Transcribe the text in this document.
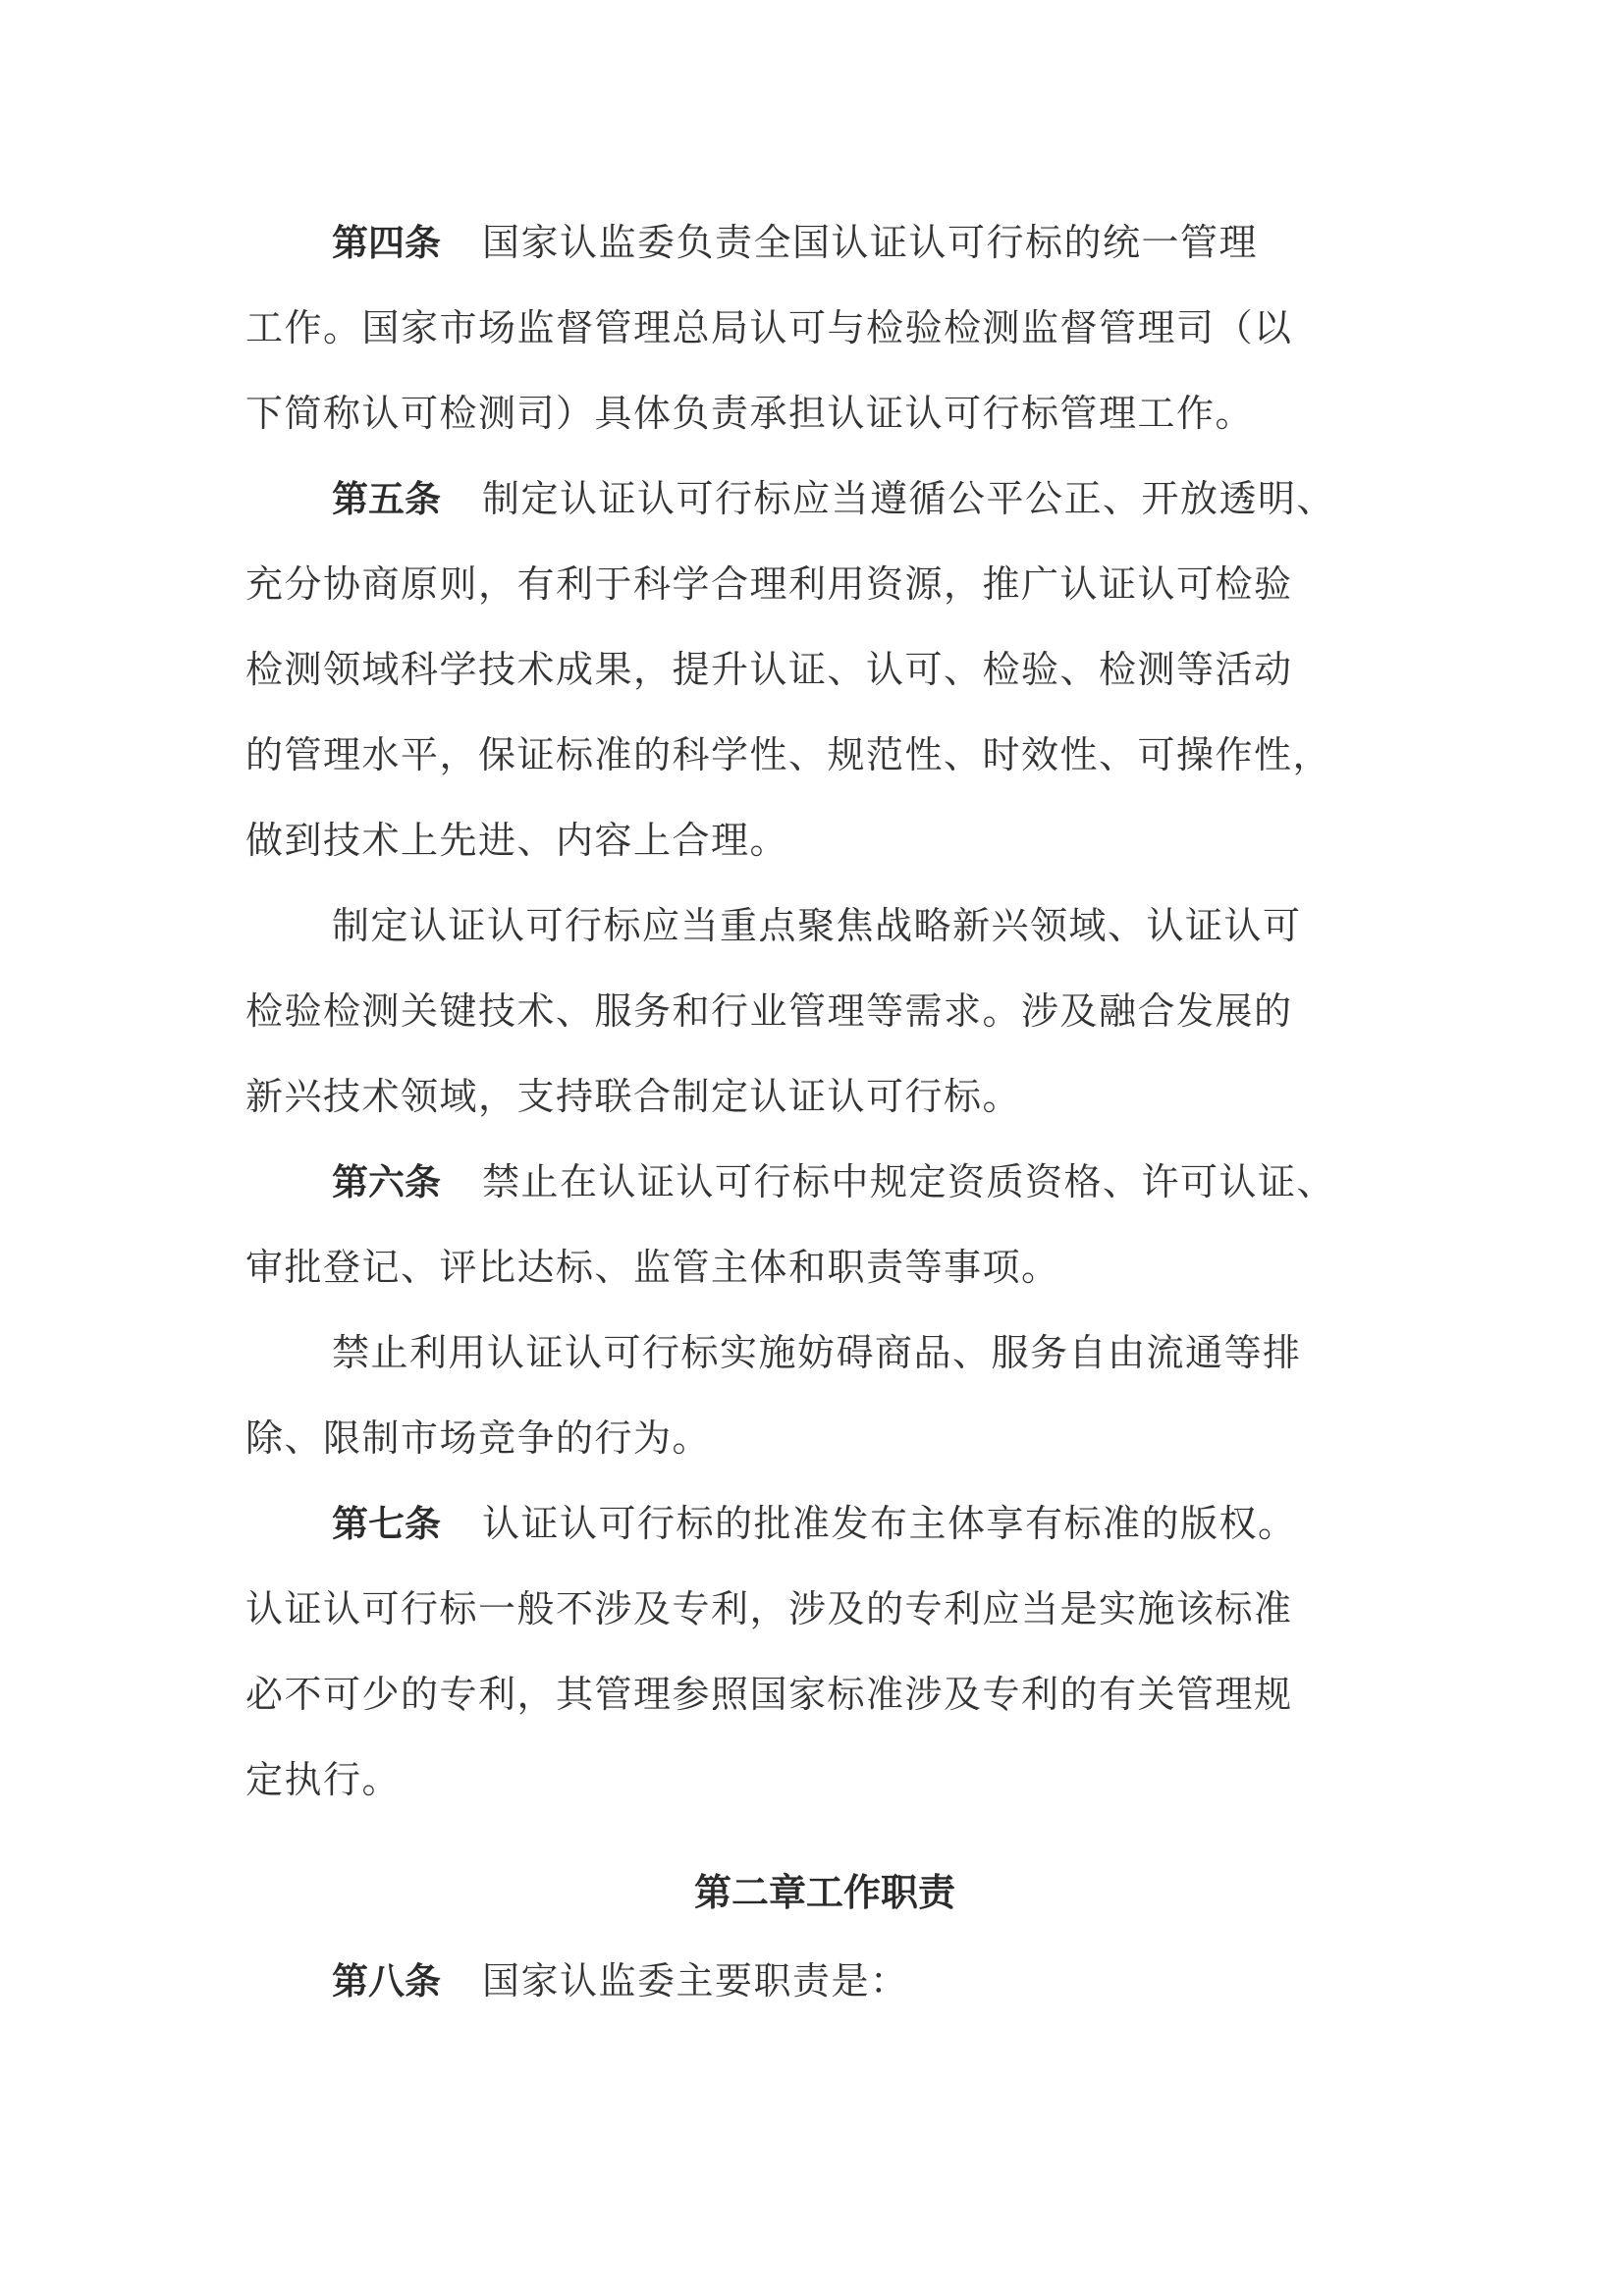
第四条 国家认监委负责全国认证认可行标的统一管理
工作。国家市场监督管理总局认可与检验检测监督管理司（以
下简称认可检测司）具体负责承担认证认可行标管理工作。
第五条 制定认证认可行标应当遵循公平公正、开放透明、
充分协商原则，有利于科学合理利用资源，推广认证认可检验
检测领域科学技术成果，提升认证、认可、检验、检测等活动
的管理水平，保证标准的科学性、规范性、时效性、可操作性，
做到技术上先进、内容上合理。
制定认证认可行标应当重点聚焦战略新兴领域、认证认可
检验检测关键技术、服务和行业管理等需求。涉及融合发展的
新兴技术领域，支持联合制定认证认可行标。
第六条 禁止在认证认可行标中规定资质资格、许可认证、
审批登记、评比达标、监管主体和职责等事项。
禁止利用认证认可行标实施妨碍商品、服务自由流通等排
除、限制市场竞争的行为。
第七条 认证认可行标的批准发布主体享有标准的版权。
认证认可行标一般不涉及专利，涉及的专利应当是实施该标准
必不可少的专利，其管理参照国家标准涉及专利的有关管理规
定执行。
第二章工作职责
第八条 国家认监委主要职责是：
